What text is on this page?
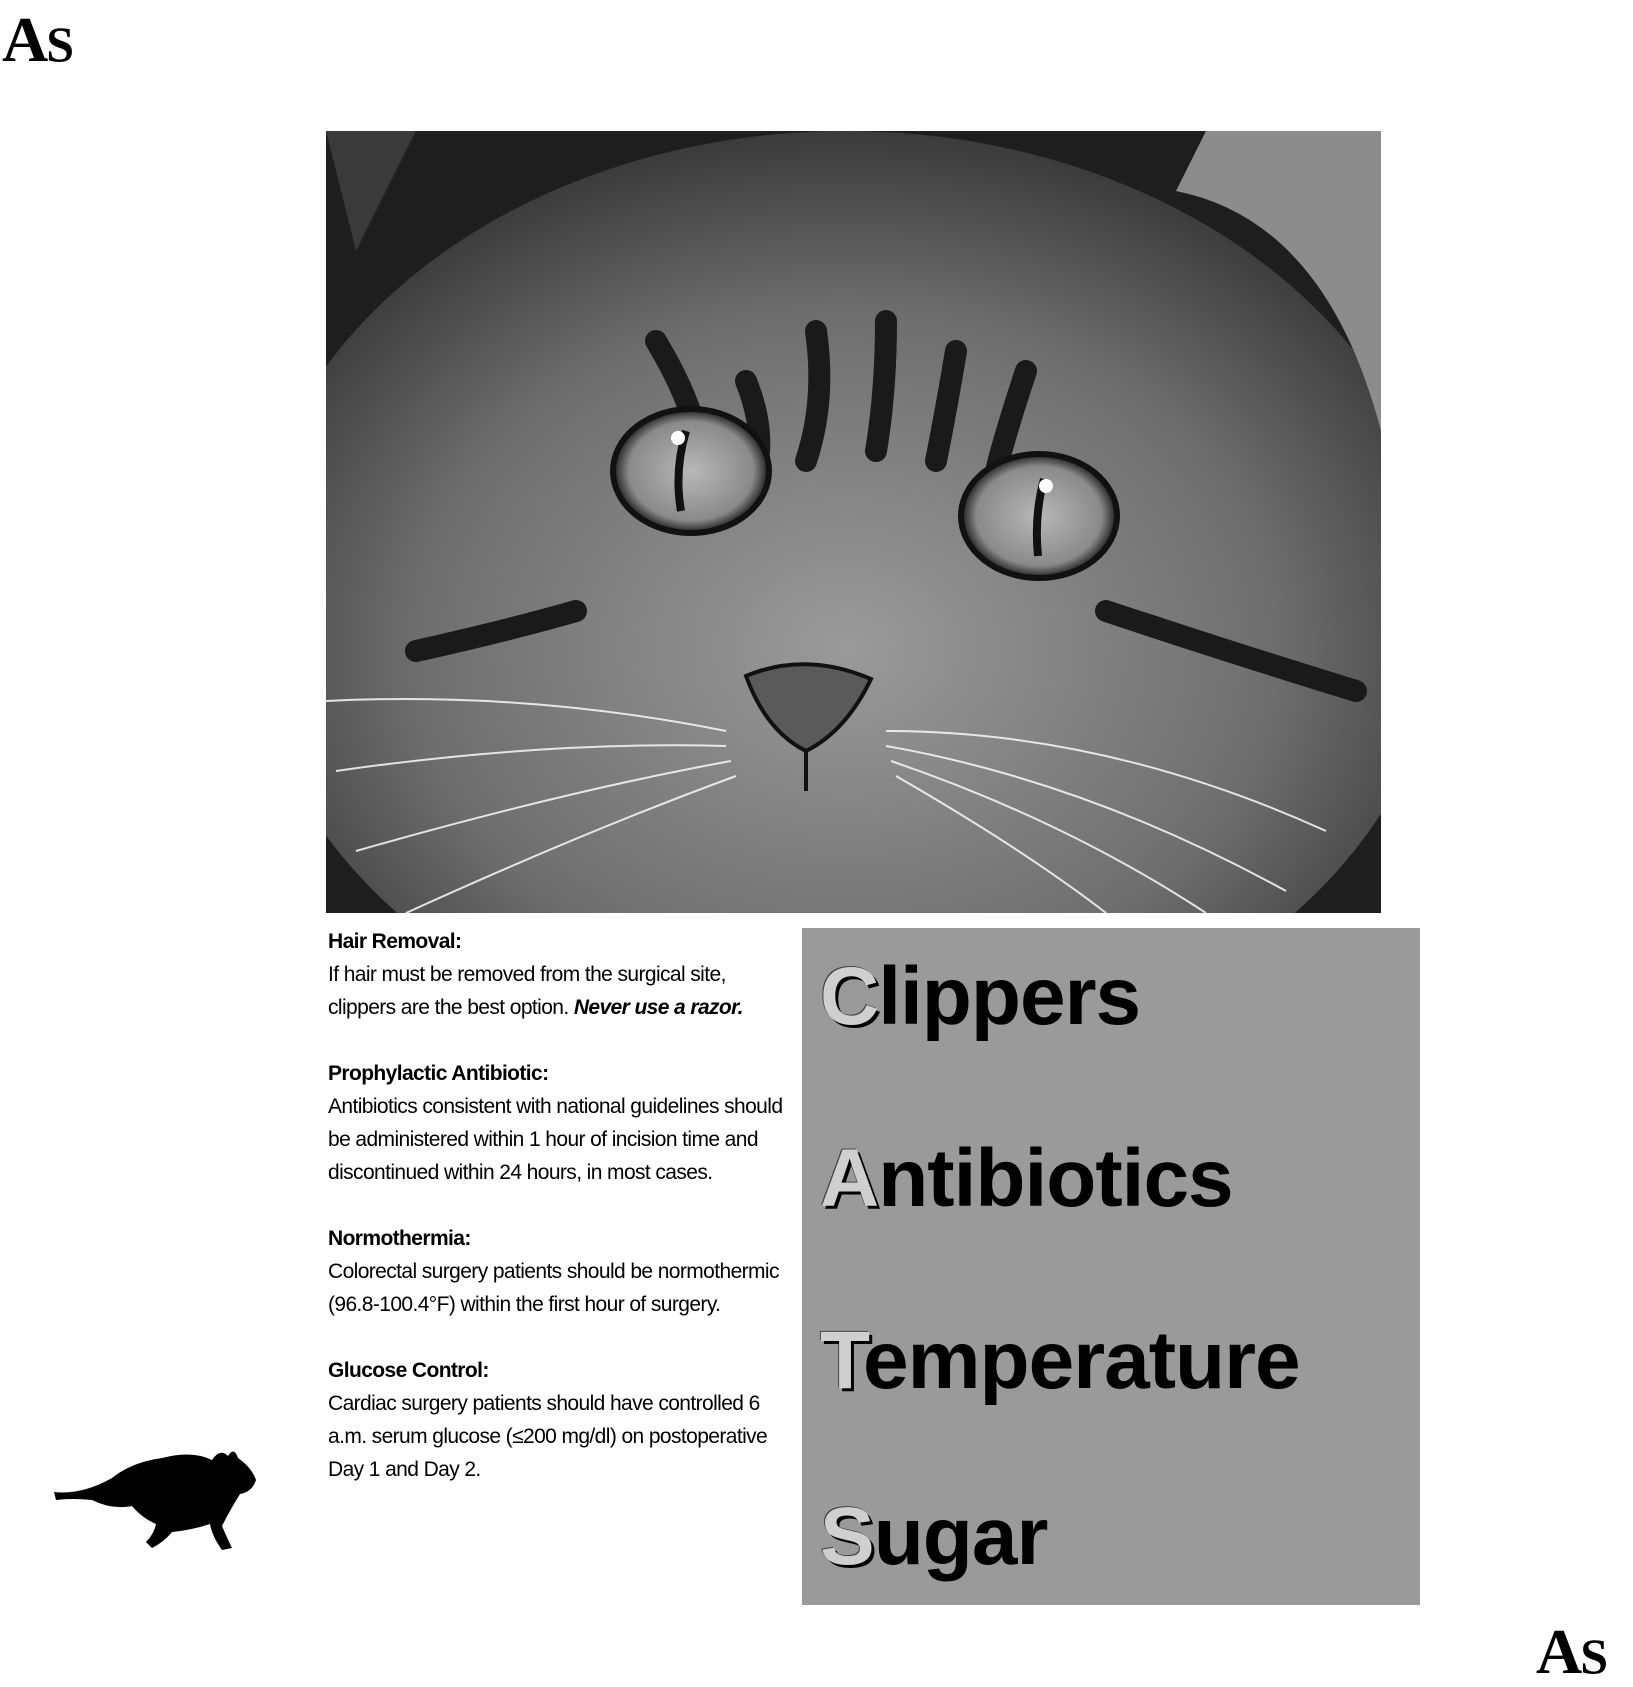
AS
Hair Removal:

If hair must be removed from the surgical site, clippers are the best option. Never use a razor.

Prophylactic Antibiotic:

Antibiotics consistent with national guidelines should be administered within 1 hour of incision time and discontinued within 24 hours, in most cases.

Normothermia:

Colorectal surgery patients should be normothermic (96.8-100.4°F) within the first hour of surgery.

Glucose Control:

Cardiac surgery patients should have controlled 6 a.m. serum glucose (≤200 mg/dl) on postoperative Day 1 and Day 2.

Clippers
Antibiotics
Temperature
Sugar
AS
